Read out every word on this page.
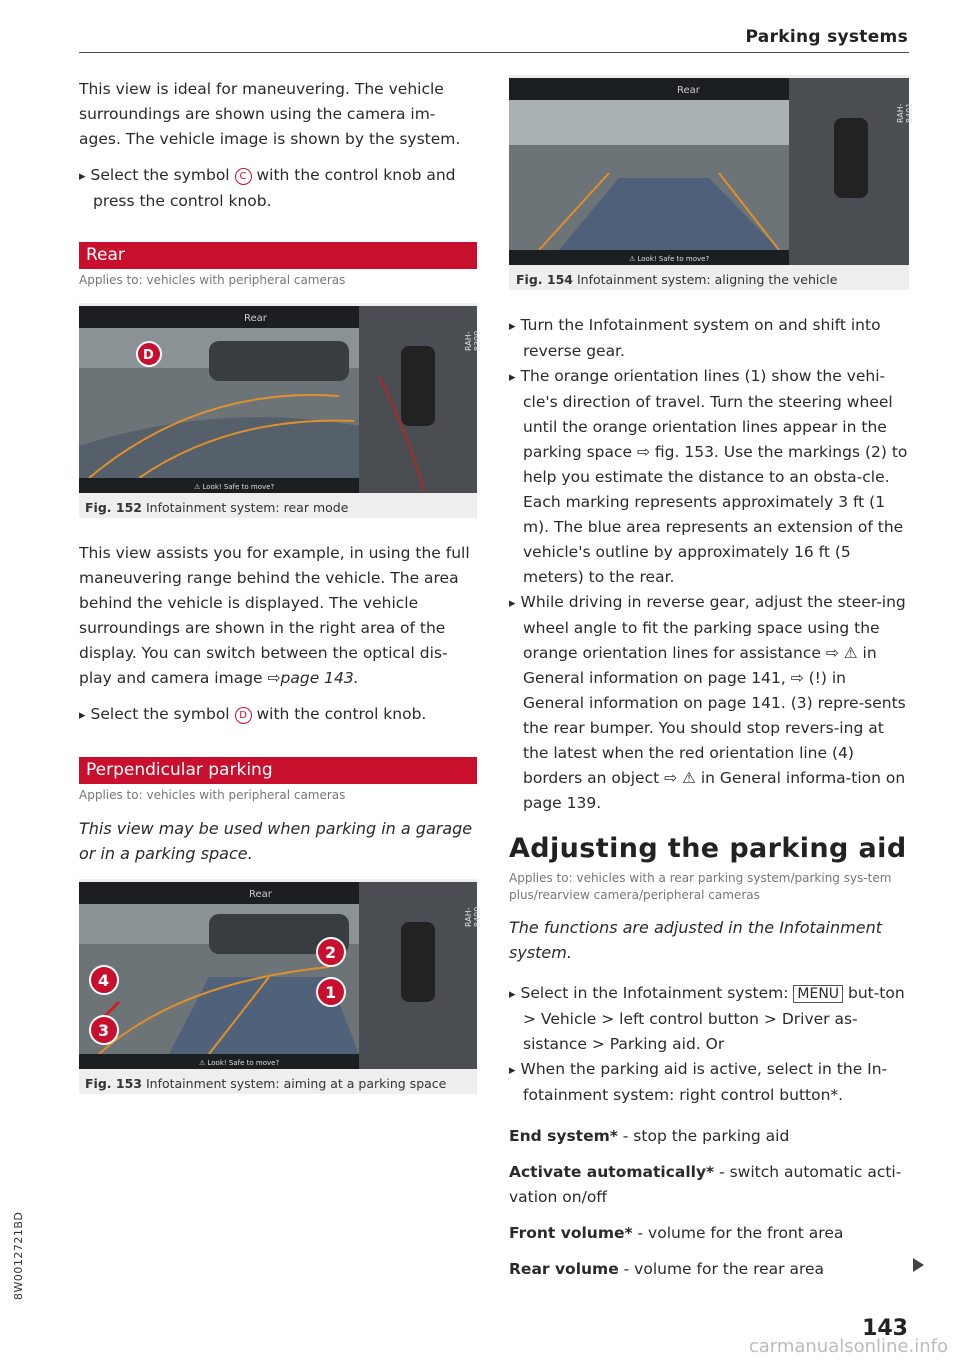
Parking systems

This view is ideal for maneuvering. The vehicle surroundings are shown using the camera im-ages. The vehicle image is shown by the system.

▸ Select the symbol C with the control knob and press the control knob.

Rear
Applies to: vehicles with peripheral cameras
D
Rear
⚠ Look! Safe to move?
RAH-8399
Fig. 152 Infotainment system: rear mode

This view assists you for example, in using the full maneuvering range behind the vehicle. The area behind the vehicle is displayed. The vehicle surroundings are shown in the right area of the display. You can switch between the optical dis-play and camera image ⇨page 143.

▸ Select the symbol D with the control knob.

Perpendicular parking
Applies to: vehicles with peripheral cameras
This view may be used when parking in a garage or in a parking space.
4
3
2
1
Rear
⚠ Look! Safe to move?
RAH-8400
Fig. 153 Infotainment system: aiming at a parking space
Rear
⚠ Look! Safe to move?
RAH-8401
Fig. 154 Infotainment system: aligning the vehicle

▸ Turn the Infotainment system on and shift into reverse gear.

▸ The orange orientation lines (1) show the vehi-cle's direction of travel. Turn the steering wheel until the orange orientation lines appear in the parking space ⇨ fig. 153. Use the markings (2) to help you estimate the distance to an obsta-cle. Each marking represents approximately 3 ft (1 m). The blue area represents an extension of the vehicle's outline by approximately 16 ft (5 meters) to the rear.

▸ While driving in reverse gear, adjust the steer-ing wheel angle to fit the parking space using the orange orientation lines for assistance ⇨ ⚠ in General information on page 141, ⇨ (!) in General information on page 141. (3) repre-sents the rear bumper. You should stop revers-ing at the latest when the red orientation line (4) borders an object ⇨ ⚠ in General informa-tion on page 139.

Adjusting the parking aid
Applies to: vehicles with a rear parking system/parking sys-tem plus/rearview camera/peripheral cameras
The functions are adjusted in the Infotainment system.

▸ Select in the Infotainment system: MENU but-ton > Vehicle > left control button > Driver as-sistance > Parking aid. Or

▸ When the parking aid is active, select in the In-fotainment system: right control button*.

End system* - stop the parking aid

Activate automatically* - switch automatic acti-vation on/off

Front volume* - volume for the front area

Rear volume - volume for the rear area

8W0012721BD
143
carmanualsonline.info
